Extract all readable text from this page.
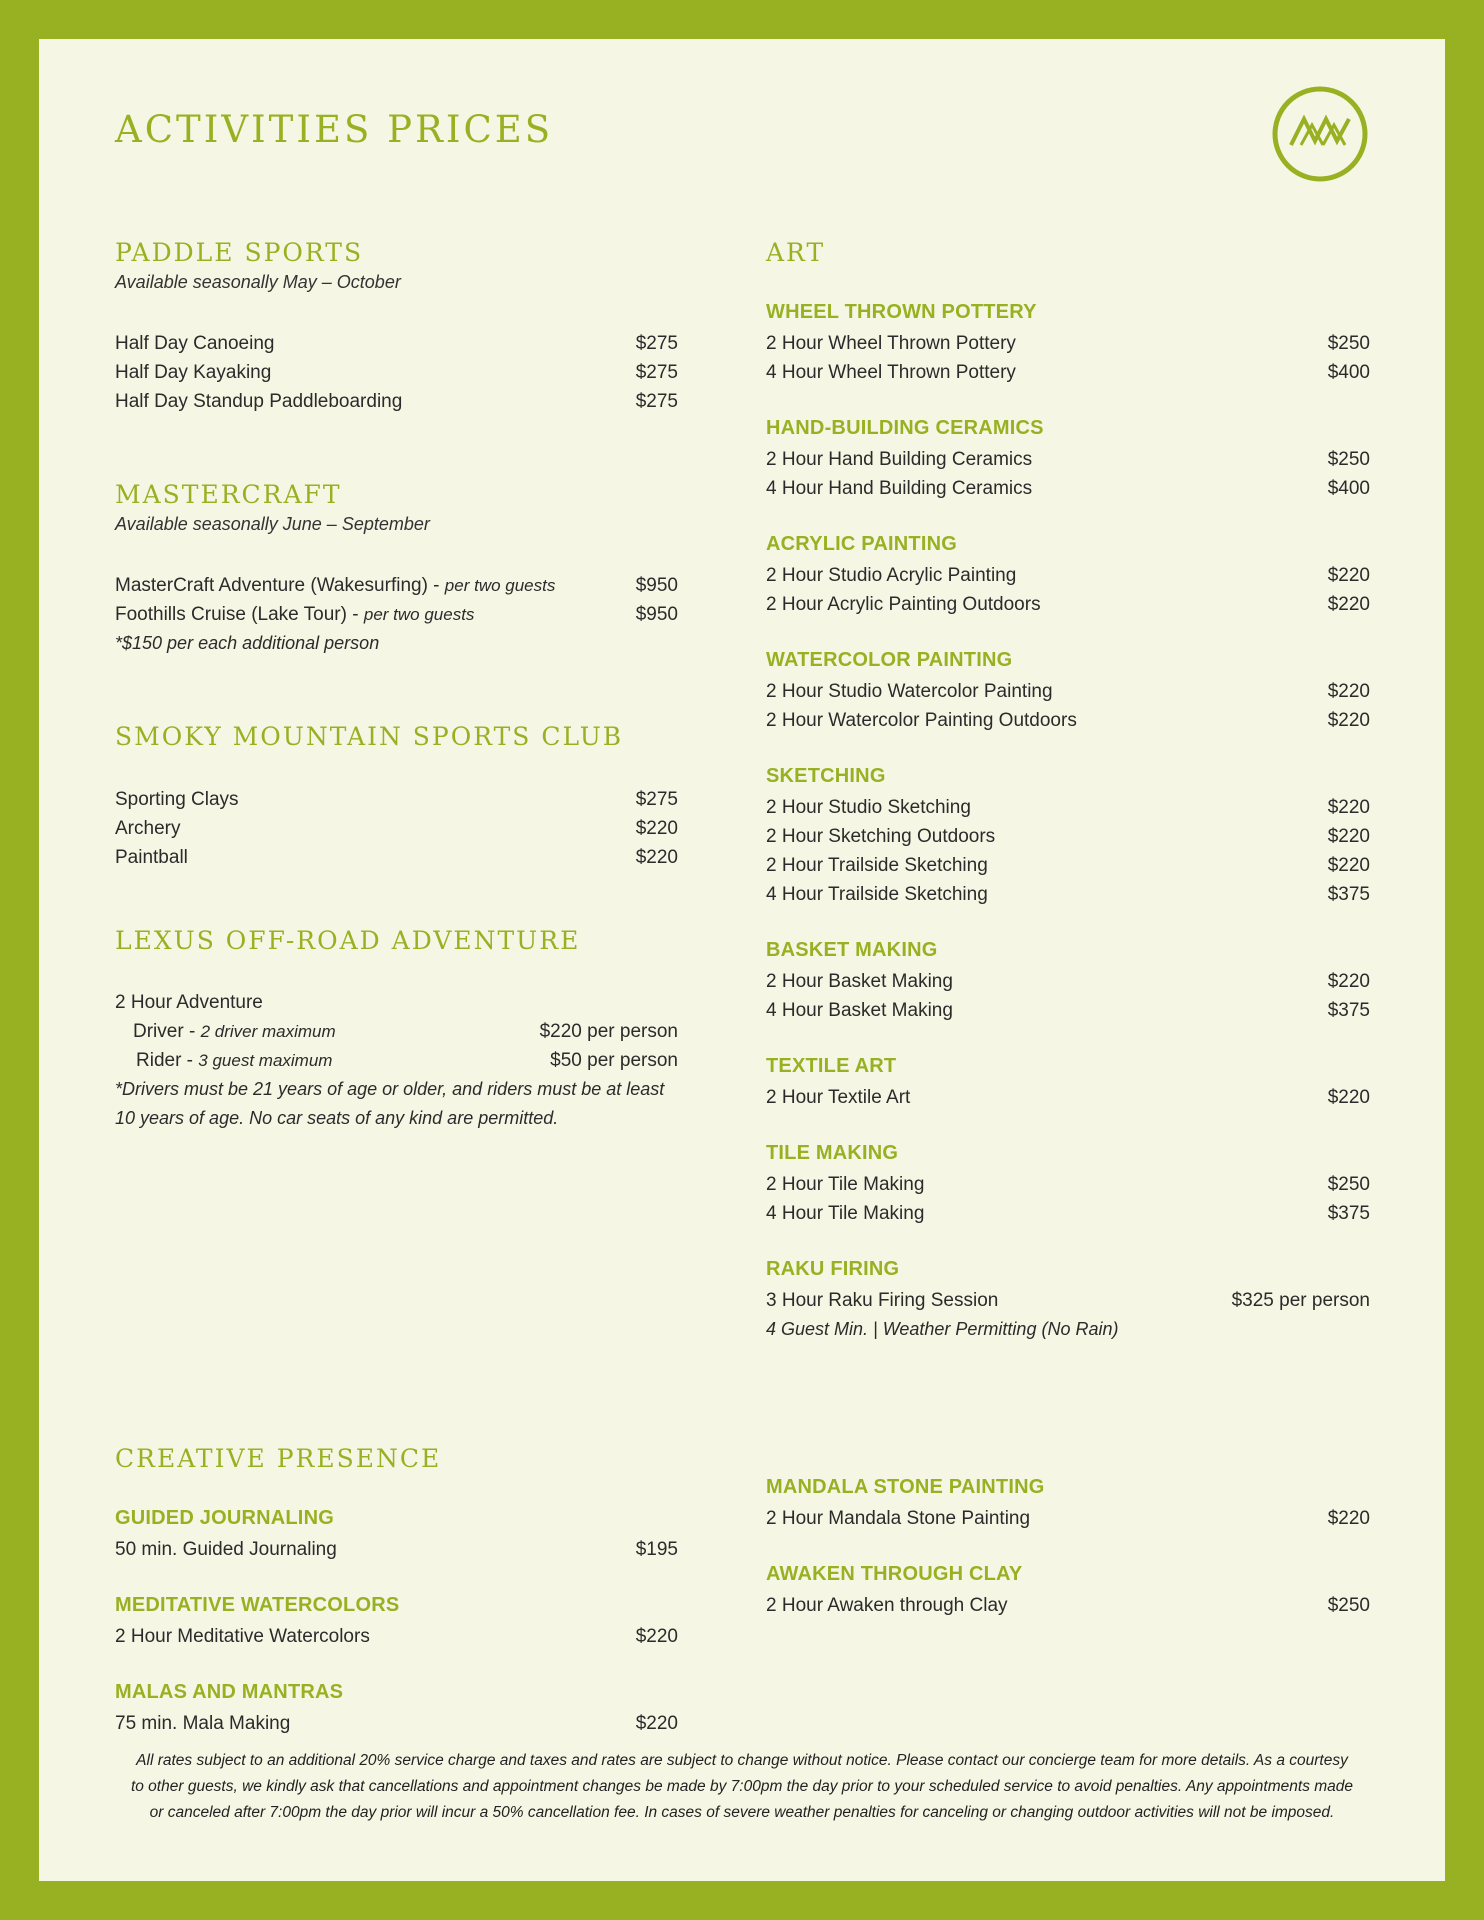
ACTIVITIES PRICES
PADDLE SPORTS
Available seasonally May – October
Half Day Canoeing	$275
Half Day Kayaking	$275
Half Day Standup Paddleboarding	$275
MASTERCRAFT
Available seasonally June – September
MasterCraft Adventure (Wakesurfing) - per two guests	$950
Foothills Cruise (Lake Tour) - per two guests	$950
*$150 per each additional person
SMOKY MOUNTAIN SPORTS CLUB
Sporting Clays	$275
Archery	$220
Paintball	$220
LEXUS OFF-ROAD ADVENTURE
2 Hour Adventure
Driver - 2 driver maximum	$220 per person
Rider - 3 guest maximum	$50 per person
*Drivers must be 21 years of age or older, and riders must be at least
10 years of age. No car seats of any kind are permitted.
CREATIVE PRESENCE
GUIDED JOURNALING
50 min. Guided Journaling	$195
MEDITATIVE WATERCOLORS
2 Hour Meditative Watercolors	$220
MALAS AND MANTRAS
75 min. Mala Making	$220
ART
WHEEL THROWN POTTERY
2 Hour Wheel Thrown Pottery	$250
4 Hour Wheel Thrown Pottery	$400
HAND-BUILDING CERAMICS
2 Hour Hand Building Ceramics	$250
4 Hour Hand Building Ceramics	$400
ACRYLIC PAINTING
2 Hour Studio Acrylic Painting	$220
2 Hour Acrylic Painting Outdoors	$220
WATERCOLOR PAINTING
2 Hour Studio Watercolor Painting	$220
2 Hour Watercolor Painting Outdoors	$220
SKETCHING
2 Hour Studio Sketching	$220
2 Hour Sketching Outdoors	$220
2 Hour Trailside Sketching	$220
4 Hour Trailside Sketching	$375
BASKET MAKING
2 Hour Basket Making	$220
4 Hour Basket Making	$375
TEXTILE ART
2 Hour Textile Art	$220
TILE MAKING
2 Hour Tile Making	$250
4 Hour Tile Making	$375
RAKU FIRING
3 Hour Raku Firing Session	$325 per person
4 Guest Min. | Weather Permitting (No Rain)
MANDALA STONE PAINTING
2 Hour Mandala Stone Painting	$220
AWAKEN THROUGH CLAY
2 Hour Awaken through Clay	$250
All rates subject to an additional 20% service charge and taxes and rates are subject to change without notice. Please contact our concierge team for more details. As a courtesy
to other guests, we kindly ask that cancellations and appointment changes be made by 7:00pm the day prior to your scheduled service to avoid penalties. Any appointments made
or canceled after 7:00pm the day prior will incur a 50% cancellation fee. In cases of severe weather penalties for canceling or changing outdoor activities will not be imposed.
